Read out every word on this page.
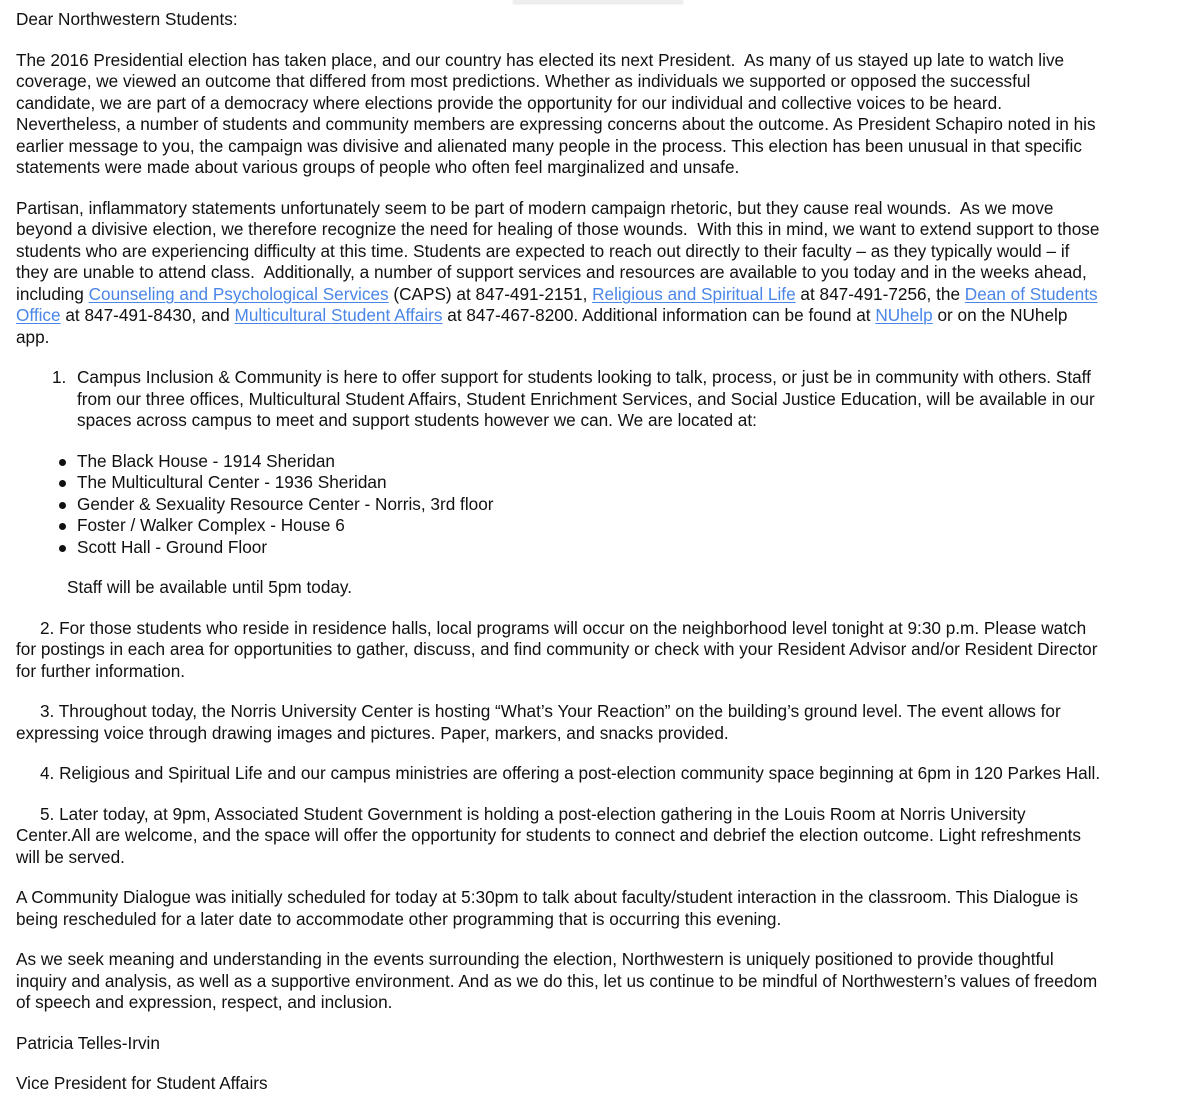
Dear Northwestern Students:
The 2016 Presidential election has taken place, and our country has elected its next President.  As many of us stayed up late to watch live
coverage, we viewed an outcome that differed from most predictions. Whether as individuals we supported or opposed the successful
candidate, we are part of a democracy where elections provide the opportunity for our individual and collective voices to be heard.
Nevertheless, a number of students and community members are expressing concerns about the outcome. As President Schapiro noted in his
earlier message to you, the campaign was divisive and alienated many people in the process. This election has been unusual in that specific
statements were made about various groups of people who often feel marginalized and unsafe.
Partisan, inflammatory statements unfortunately seem to be part of modern campaign rhetoric, but they cause real wounds.  As we move
beyond a divisive election, we therefore recognize the need for healing of those wounds.  With this in mind, we want to extend support to those
students who are experiencing difficulty at this time. Students are expected to reach out directly to their faculty – as they typically would – if
they are unable to attend class.  Additionally, a number of support services and resources are available to you today and in the weeks ahead,
including Counseling and Psychological Services (CAPS) at 847-491-2151, Religious and Spiritual Life at 847-491-7256, the Dean of Students
Office at 847-491-8430, and Multicultural Student Affairs at 847-467-8200. Additional information can be found at NUhelp or on the NUhelp
app.
1. Campus Inclusion & Community is here to offer support for students looking to talk, process, or just be in community with others. Staff
from our three offices, Multicultural Student Affairs, Student Enrichment Services, and Social Justice Education, will be available in our
spaces across campus to meet and support students however we can. We are located at:
The Black House - 1914 Sheridan
The Multicultural Center - 1936 Sheridan
Gender & Sexuality Resource Center - Norris, 3rd floor
Foster / Walker Complex - House 6
Scott Hall - Ground Floor
Staff will be available until 5pm today.
2. For those students who reside in residence halls, local programs will occur on the neighborhood level tonight at 9:30 p.m. Please watch
for postings in each area for opportunities to gather, discuss, and find community or check with your Resident Advisor and/or Resident Director
for further information.
3. Throughout today, the Norris University Center is hosting “What’s Your Reaction” on the building’s ground level. The event allows for
expressing voice through drawing images and pictures. Paper, markers, and snacks provided.
4. Religious and Spiritual Life and our campus ministries are offering a post-election community space beginning at 6pm in 120 Parkes Hall.
5. Later today, at 9pm, Associated Student Government is holding a post-election gathering in the Louis Room at Norris University
Center.All are welcome, and the space will offer the opportunity for students to connect and debrief the election outcome. Light refreshments
will be served.
A Community Dialogue was initially scheduled for today at 5:30pm to talk about faculty/student interaction in the classroom. This Dialogue is
being rescheduled for a later date to accommodate other programming that is occurring this evening.
As we seek meaning and understanding in the events surrounding the election, Northwestern is uniquely positioned to provide thoughtful
inquiry and analysis, as well as a supportive environment. And as we do this, let us continue to be mindful of Northwestern’s values of freedom
of speech and expression, respect, and inclusion.
Patricia Telles-Irvin
Vice President for Student Affairs
